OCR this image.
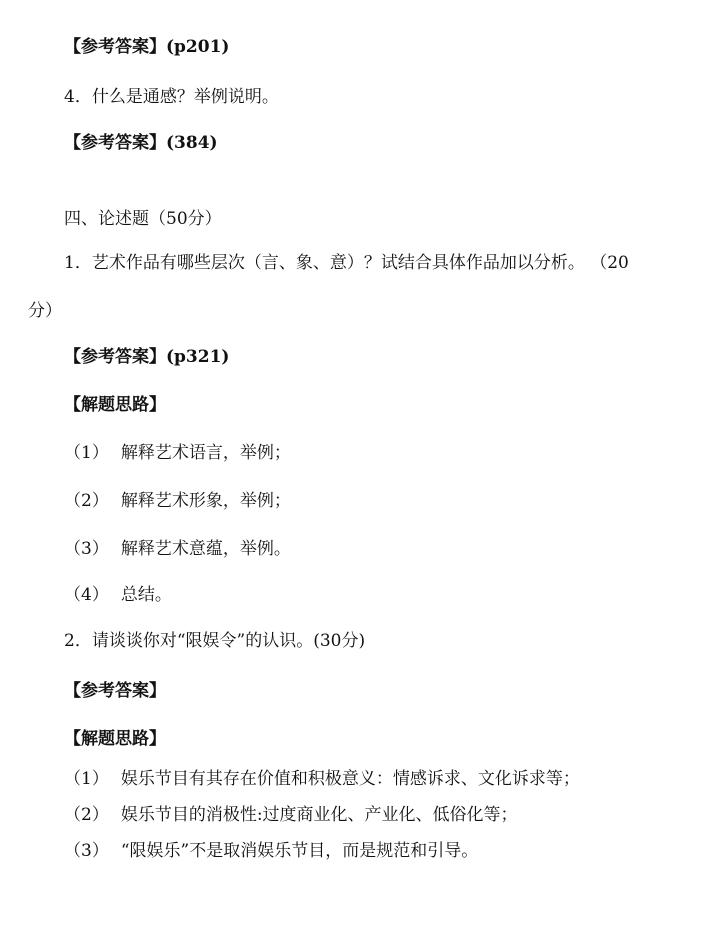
【参考答案】(p201)
4．什么是通感？举例说明。
【参考答案】(384)
四、论述题（50分）
1．艺术作品有哪些层次（言、象、意）？试结合具体作品加以分析。 （20
分）
【参考答案】(p321)
【解题思路】
（1） 解释艺术语言，举例；
（2） 解释艺术形象，举例；
（3） 解释艺术意蕴，举例。
（4） 总结。
2．请谈谈你对“限娱令”的认识。(30分)
【参考答案】
【解题思路】
（1） 娱乐节目有其存在价值和积极意义：情感诉求、文化诉求等；
（2） 娱乐节目的消极性:过度商业化、产业化、低俗化等；
（3） “限娱乐”不是取消娱乐节目，而是规范和引导。
